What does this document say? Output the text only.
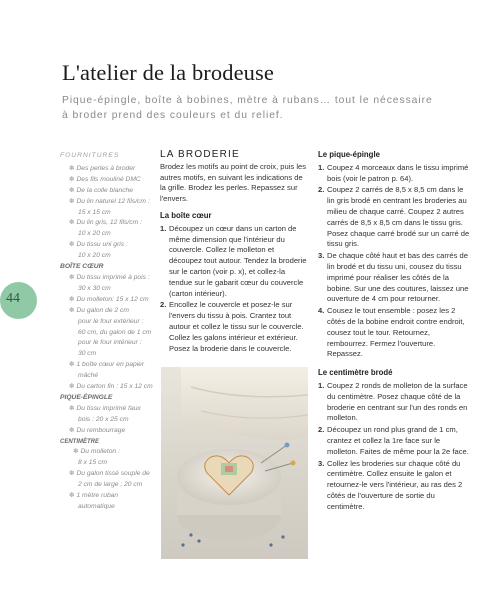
L'atelier de la brodeuse
Pique-épingle, boîte à bobines, mètre à rubans… tout le nécessaire à broder prend des couleurs et du relief.
44
FOURNITURES
✽ Des perles à broder
✽ Des fils mouliné DMC
✽ De la colle blanche
✽ Du lin naturel 12 fils/cm :
15 x 15 cm
✽ Du lin gris, 12 fils/cm :
10 x 20 cm
✽ Du tissu uni gris :
10 x 20 cm
BOÎTE CŒUR
✽ Du tissu imprimé à pois :
30 x 30 cm
✽ Du molleton: 15 x 12 cm
✽ Du galon de 2 cm
pour le four extérieur :
60 cm, du galon de 1 cm
pour le four intérieur :
30 cm
✽ 1 boîte cœur en papier
mâché
✽ Du carton fin : 15 x 12 cm
PIQUE-ÉPINGLE
✽ Du tissu imprimé faux
bois : 20 x 25 cm
✽ Du rembourrage
CENTIMÈTRE
✽ Du molleton :
8 x 15 cm
✽ Du galon tissé souple de
2 cm de large : 20 cm
✽ 1 mètre ruban
automatique
LA BRODERIE

Brodez les motifs au point de croix, puis les autres motifs, en suivant les indications de la grille. Brodez les perles. Repassez sur l'envers.

La boîte cœur
1. Découpez un cœur dans un carton de même dimension que l'intérieur du couvercle. Collez le molleton et découpez tout autour. Tendez la broderie sur le carton (voir p. x), et collez-la tendue sur le gabarit cœur du couvercle (carton intérieur).
2. Encollez le couvercle et posez-le sur l'envers du tissu à pois. Crantez tout autour et collez le tissu sur le couvercle. Collez les galons intérieur et extérieur. Posez la broderie dans le couvercle.
Le pique-épingle
1. Coupez 4 morceaux dans le tissu imprimé bois (voir le patron p. 64).
2. Coupez 2 carrés de 8,5 x 8,5 cm dans le lin gris brodé en centrant les broderies au milieu de chaque carré. Coupez 2 autres carrés de 8,5 x 8,5 cm dans le tissu gris. Posez chaque carré brodé sur un carré de tissu gris.
3. De chaque côté haut et bas des carrés de lin brodé et du tissu uni, cousez du tissu imprimé pour réaliser les côtés de la bobine. Sur une des coutures, laissez une ouverture de 4 cm pour retourner.
4. Cousez le tout ensemble : posez les 2 côtés de la bobine endroit contre endroit, cousez tout le tour. Retournez, rembourrez. Fermez l'ouverture. Repassez.
Le centimètre brodé
1. Coupez 2 ronds de molleton de la surface du centimètre. Posez chaque côté de la broderie en centrant sur l'un des ronds en molleton.
2. Découpez un rond plus grand de 1 cm, crantez et collez la 1re face sur le molleton. Faites de même pour la 2e face.
3. Collez les broderies sur chaque côté du centimètre. Collez ensuite le galon et retournez-le vers l'intérieur, au ras des 2 côtés de l'ouverture de sortie du centimètre.
